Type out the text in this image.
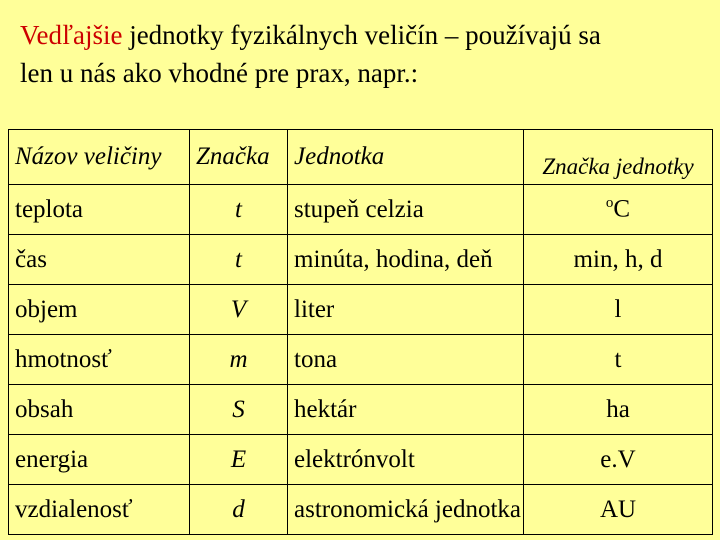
Vedľajšie jednotky fyzikálnych veličín – používajú sa
len u nás ako vhodné pre prax, napr.:
Názov veličiny	Značka	Jednotka	Značka jednotky
teplota	t	stupeň celzia	$^o$C
čas	t	minúta, hodina, deň	min, h, d
objem	V	liter	l
hmotnosť	m	tona	t
obsah	S	hektár	ha
energia	E	elektrónvolt	e.V
vzdialenosť	d	astronomická jednotka	AU
